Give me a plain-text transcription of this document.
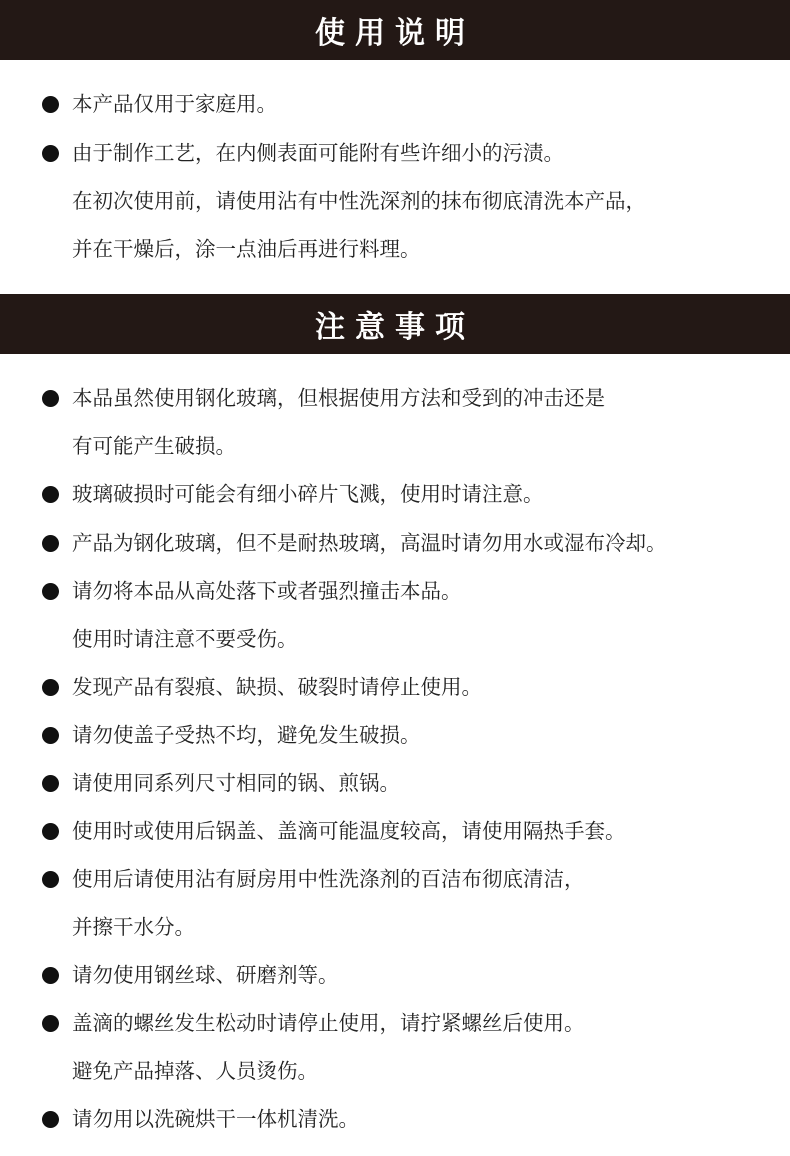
使用说明
本产品仅用于家庭用。
由于制作工艺，在内侧表面可能附有些许细小的污渍。
在初次使用前，请使用沾有中性洗深剂的抹布彻底清洗本产品，
并在干燥后，涂一点油后再进行料理。
注意事项
本品虽然使用钢化玻璃，但根据使用方法和受到的冲击还是
有可能产生破损。
玻璃破损时可能会有细小碎片飞溅，使用时请注意。
产品为钢化玻璃，但不是耐热玻璃，高温时请勿用水或湿布冷却。
请勿将本品从高处落下或者强烈撞击本品。
使用时请注意不要受伤。
发现产品有裂痕、缺损、破裂时请停止使用。
请勿使盖子受热不均，避免发生破损。
请使用同系列尺寸相同的锅、煎锅。
使用时或使用后锅盖、盖滴可能温度较高，请使用隔热手套。
使用后请使用沾有厨房用中性洗涤剂的百洁布彻底清洁，
并擦干水分。
请勿使用钢丝球、研磨剂等。
盖滴的螺丝发生松动时请停止使用，请拧紧螺丝后使用。
避免产品掉落、人员烫伤。
请勿用以洗碗烘干一体机清洗。
